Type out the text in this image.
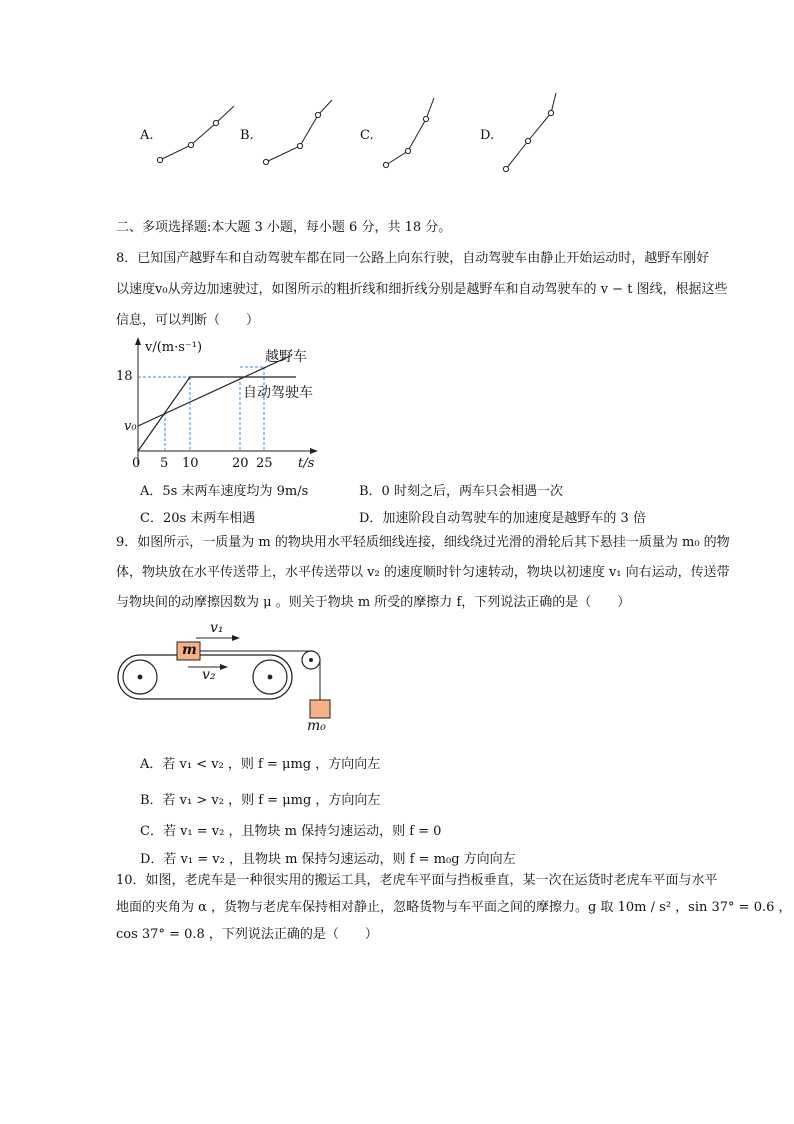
A.	B.	C.	D.
二、多项选择题:本大题 3 小题，每小题 6 分，共 18 分。
8．已知国产越野车和自动驾驶车都在同一公路上向东行驶，自动驾驶车由静止开始运动时，越野车刚好
以速度v₀从旁边加速驶过，如图所示的粗折线和细折线分别是越野车和自动驾驶车的 v − t 图线，根据这些
信息，可以判断（　　）
v/(m·s⁻¹)
18
v₀
0 5 10	20 25 t/s
越野车
自动驾驶车
A．5s 末两车速度均为 9m/s	B．0 时刻之后，两车只会相遇一次
C．20s 末两车相遇	D．加速阶段自动驾驶车的加速度是越野车的 3 倍
9．如图所示，一质量为 m 的物块用水平轻质细线连接，细线绕过光滑的滑轮后其下悬挂一质量为 m₀ 的物
体，物块放在水平传送带上，水平传送带以 v₂ 的速度顺时针匀速转动，物块以初速度 v₁ 向右运动，传送带
与物块间的动摩擦因数为 μ 。则关于物块 m 所受的摩擦力 f，下列说法正确的是（　　）
m
v₁
v₂
m₀
A．若 v₁ < v₂ ，则 f = μmg ，方向向左
B．若 v₁ > v₂ ，则 f = μmg ，方向向左
C．若 v₁ = v₂ ，且物块 m 保持匀速运动，则 f = 0
D．若 v₁ = v₂ ，且物块 m 保持匀速运动，则 f = m₀g 方向向左
10．如图，老虎车是一种很实用的搬运工具，老虎车平面与挡板垂直，某一次在运货时老虎车平面与水平
地面的夹角为 α ，货物与老虎车保持相对静止，忽略货物与车平面之间的摩擦力。g 取 10m / s² ，sin 37° = 0.6 ，
cos 37° = 0.8 ，下列说法正确的是（　　）
